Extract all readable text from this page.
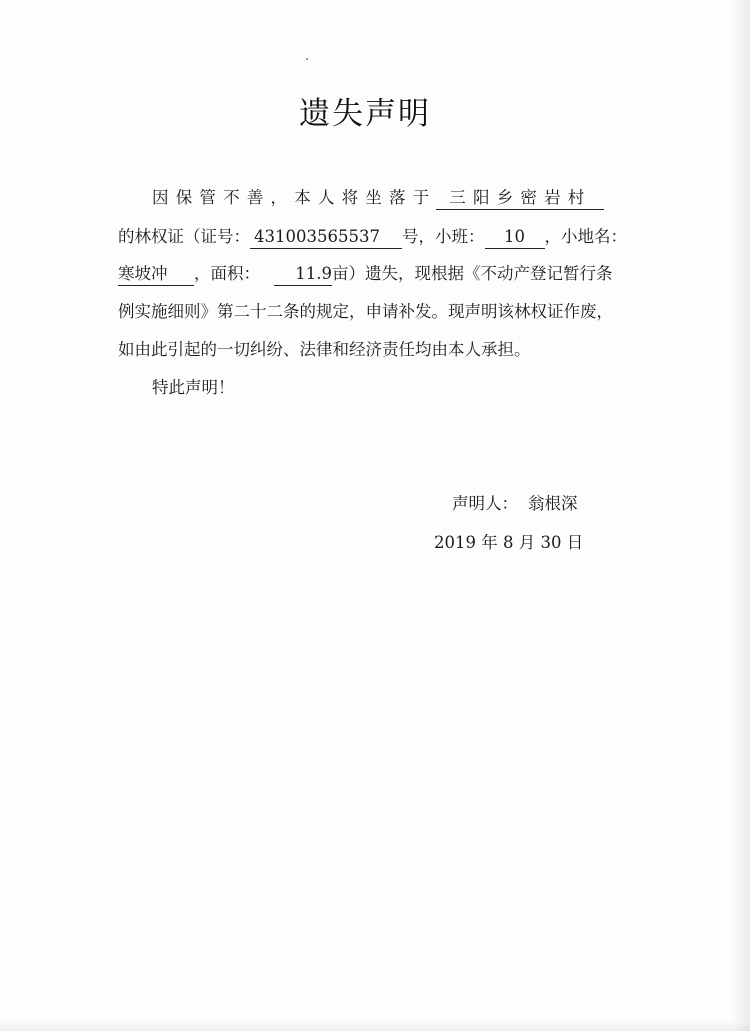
遗失声明
因保管不善，本人将坐落于 三阳乡密岩村
的林权证（证号： 431003565537 号，小班： 10 ，小地名：
寒坡冲 ，面积： 11.9亩）遗失，现根据《不动产登记暂行条
例实施细则》第二十二条的规定，申请补发。现声明该林权证作废，
如由此引起的一切纠纷、法律和经济责任均由本人承担。
特此声明！
声明人： 翁根深
2019 年 8 月 30 日
